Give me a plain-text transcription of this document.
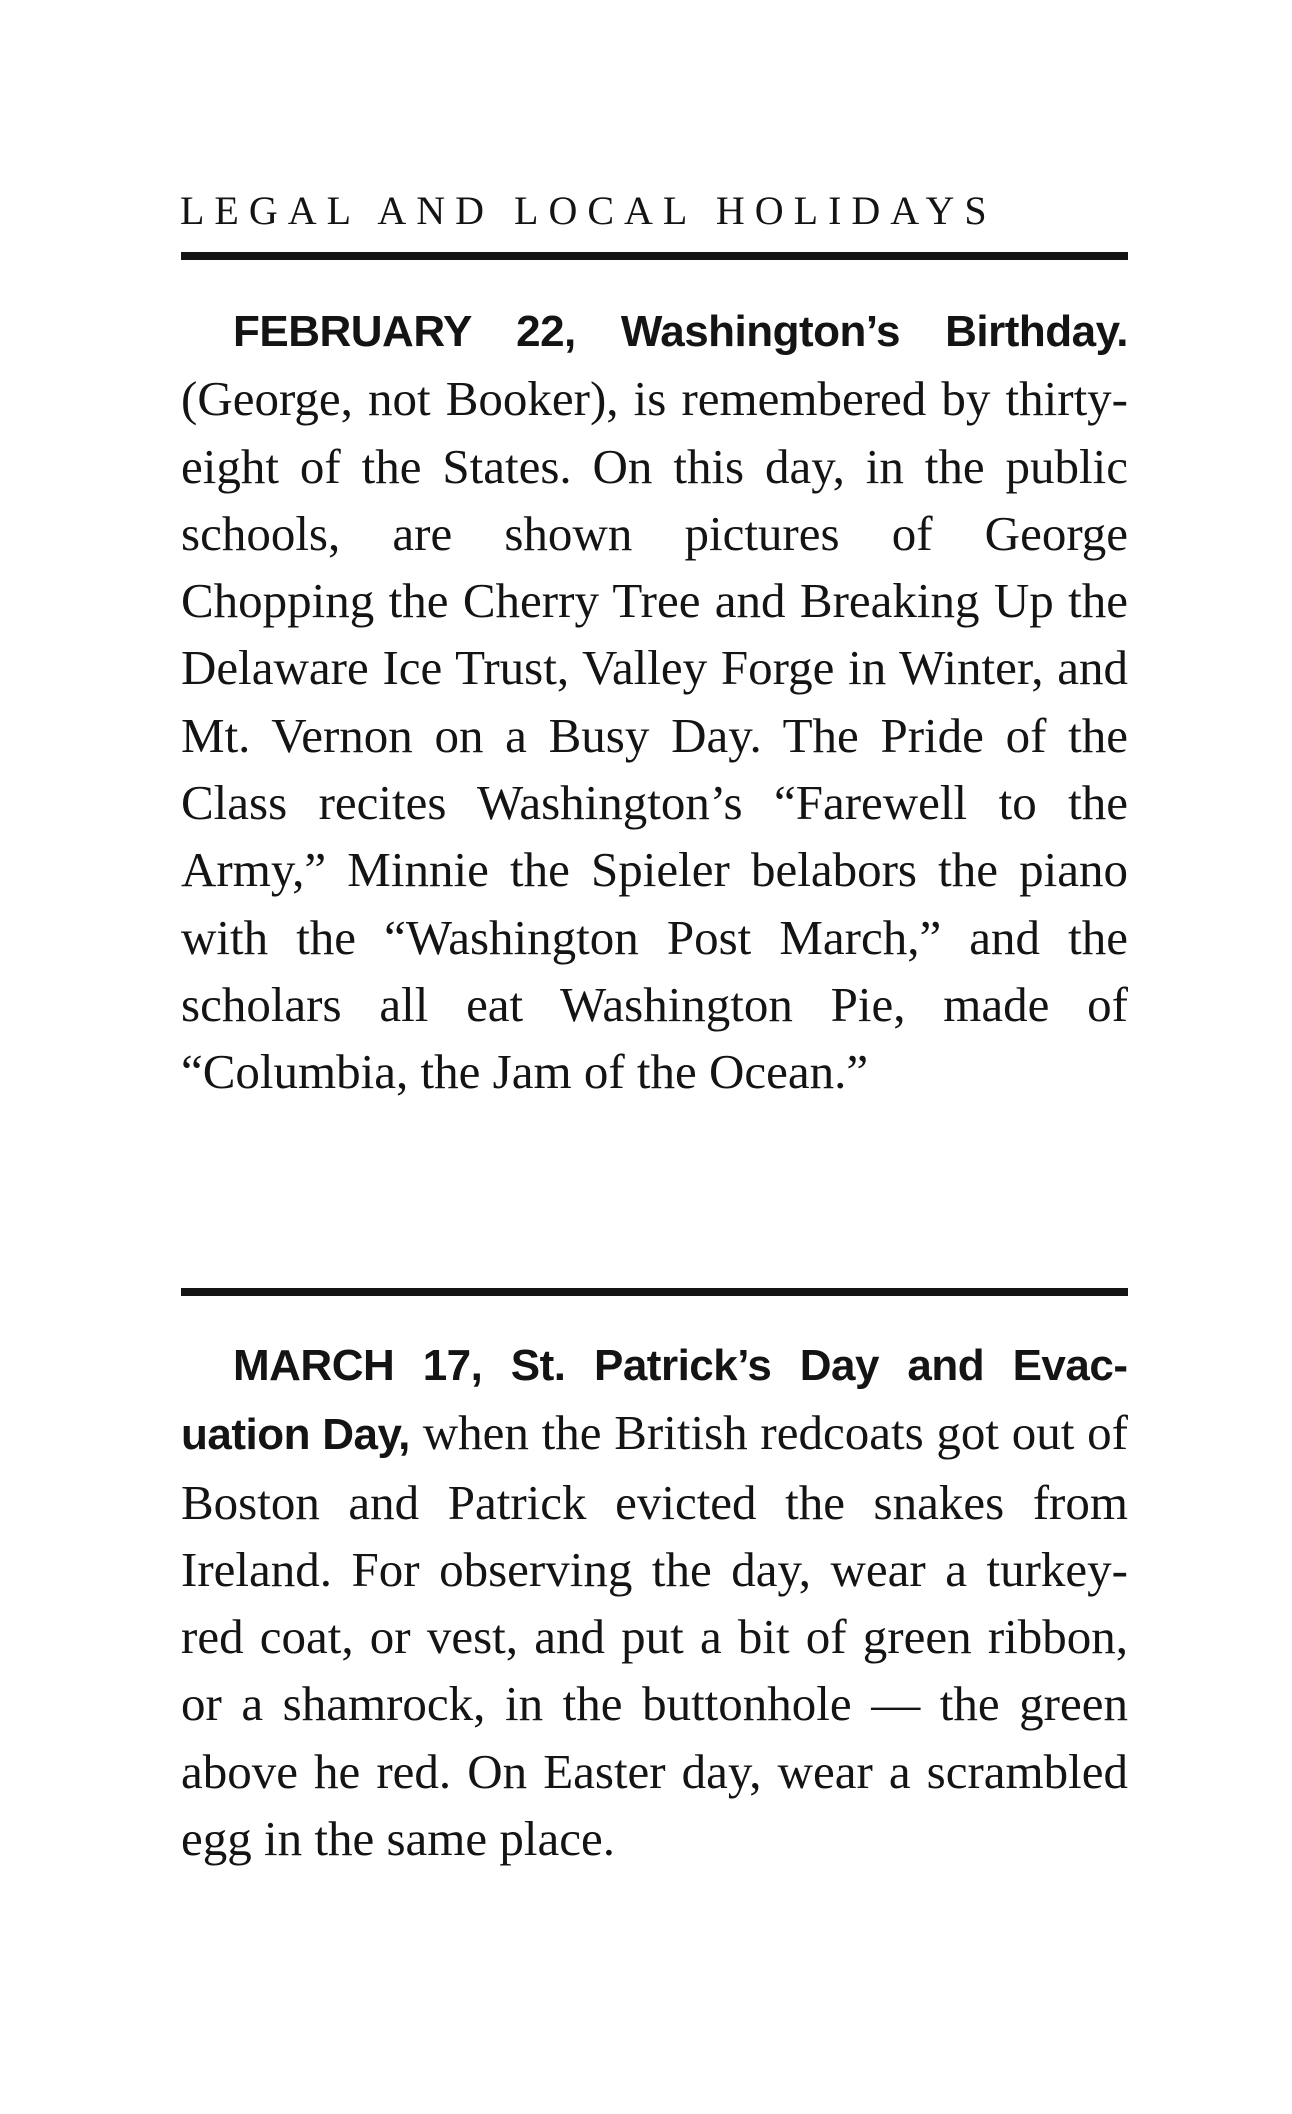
LEGAL AND LOCAL HOLIDAYS

FEBRUARY 22, Washington’s Birthday. (George, not Booker), is remembered by thirty-eight of the States. On this day, in the public schools, are shown pictures of George Chopping the Cherry Tree and Breaking Up the Delaware Ice Trust, Valley Forge in Winter, and Mt. Vernon on a Busy Day. The Pride of the Class recites Washington’s “Farewell to the Army,” Minnie the Spieler belabors the piano with the “Washington Post March,” and the scholars all eat Washington Pie, made of “Columbia, the Jam of the Ocean.”

MARCH 17, St. Patrick’s Day and Evacuation Day, when the British redcoats got out of Boston and Patrick evicted the snakes from Ireland. For observing the day, wear a turkey-red coat, or vest, and put a bit of green ribbon, or a shamrock, in the buttonhole — the green above he red. On Easter day, wear a scrambled egg in the same place.
